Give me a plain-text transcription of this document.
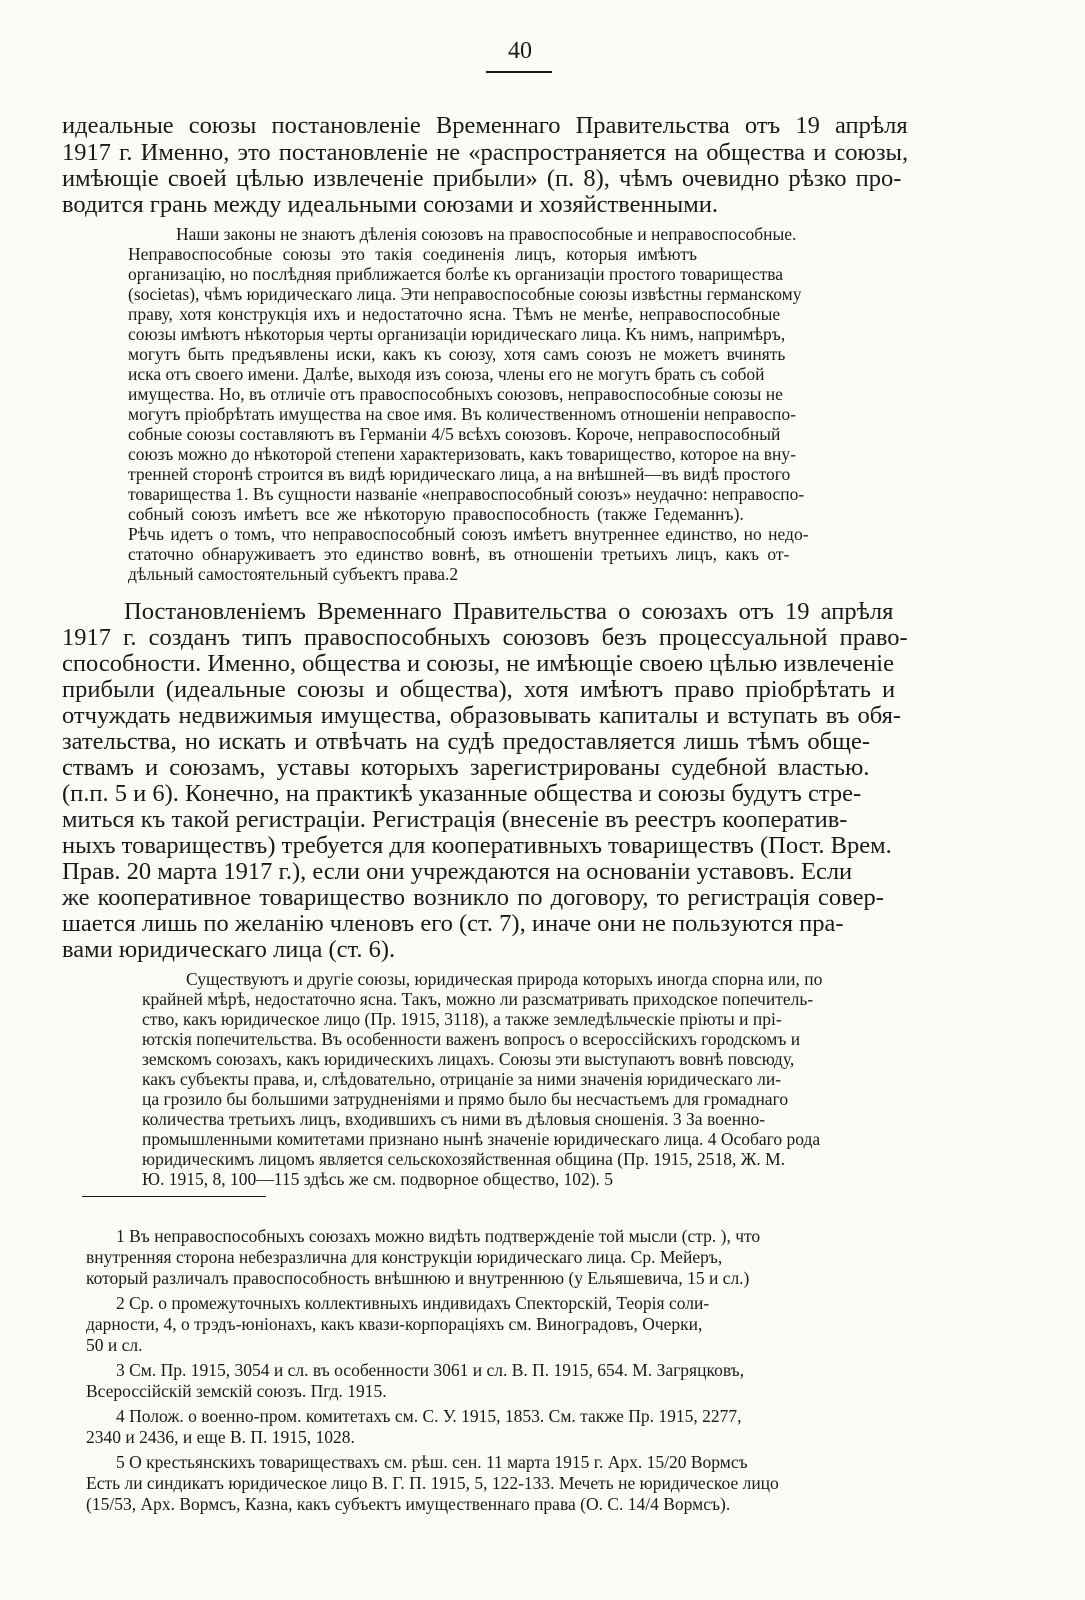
40
идеальные союзы постановленіе Временнаго Правительства отъ 19 апрѣля
1917 г. Именно, это постановленіе не «распространяется на общества и союзы,
имѣющіе своей цѣлью извлеченіе прибыли» (п. 8), чѣмъ очевидно рѣзко про-
водится грань между идеальными союзами и хозяйственными.
Наши законы не знаютъ дѣленія союзовъ на правоспособные и неправоспособные.
Неправоспособные союзы это такія соединенія лицъ, которыя имѣютъ
организацію, но послѣдняя приближается болѣе къ организаціи простого товарищества
(societas), чѣмъ юридическаго лица. Эти неправоспособные союзы извѣстны германскому
праву, хотя конструкція ихъ и недостаточно ясна. Тѣмъ не менѣе, неправоспособные
союзы имѣютъ нѣкоторыя черты организаціи юридическаго лица. Къ нимъ, напримѣръ,
могутъ быть предъявлены иски, какъ къ союзу, хотя самъ союзъ не можетъ вчинять
иска отъ своего имени. Далѣе, выходя изъ союза, члены его не могутъ брать съ собой
имущества. Но, въ отличіе отъ правоспособныхъ союзовъ, неправоспособные союзы не
могутъ пріобрѣтать имущества на свое имя. Въ количественномъ отношеніи неправоспо-
собные союзы составляютъ въ Германіи 4/5 всѣхъ союзовъ. Короче, неправоспособный
союзъ можно до нѣкоторой степени характеризовать, какъ товарищество, которое на вну-
тренней сторонѣ строится въ видѣ юридическаго лица, а на внѣшней—въ видѣ простого
товарищества 1. Въ сущности названіе «неправоспособный союзъ» неудачно: неправоспо-
собный союзъ имѣетъ все же нѣкоторую правоспособность (также Гедеманнъ).
Рѣчь идетъ о томъ, что неправоспособный союзъ имѣетъ внутреннее единство, но недо-
статочно обнаруживаетъ это единство вовнѣ, въ отношеніи третьихъ лицъ, какъ от-
дѣльный самостоятельный субъектъ права.2
Постановленіемъ Временнаго Правительства о союзахъ отъ 19 апрѣля
1917 г. созданъ типъ правоспособныхъ союзовъ безъ процессуальной право-
способности. Именно, общества и союзы, не имѣющіе своею цѣлью извлеченіе
прибыли (идеальные союзы и общества), хотя имѣютъ право пріобрѣтать и
отчуждать недвижимыя имущества, образовывать капиталы и вступать въ обя-
зательства, но искать и отвѣчать на судѣ предоставляется лишь тѣмъ обще-
ствамъ и союзамъ, уставы которыхъ зарегистрированы судебной властью.
(п.п. 5 и 6). Конечно, на практикѣ указанные общества и союзы будутъ стре-
миться къ такой регистраціи. Регистрація (внесеніе въ реестръ кооператив-
ныхъ товариществъ) требуется для кооперативныхъ товариществъ (Пост. Врем.
Прав. 20 марта 1917 г.), если они учреждаются на основаніи уставовъ. Если
же кооперативное товарищество возникло по договору, то регистрація совер-
шается лишь по желанію членовъ его (ст. 7), иначе они не пользуются пра-
вами юридическаго лица (ст. 6).
Существуютъ и другіе союзы, юридическая природа которыхъ иногда спорна или, по
крайней мѣрѣ, недостаточно ясна. Такъ, можно ли разсматривать приходское попечитель-
ство, какъ юридическое лицо (Пр. 1915, 3118), а также земледѣльческіе пріюты и прі-
ютскія попечительства. Въ особенности важенъ вопросъ о всероссійскихъ городскомъ и
земскомъ союзахъ, какъ юридическихъ лицахъ. Союзы эти выступаютъ вовнѣ повсюду,
какъ субъекты права, и, слѣдовательно, отрицаніе за ними значенія юридическаго ли-
ца грозило бы большими затрудненіями и прямо было бы несчастьемъ для громаднаго
количества третьихъ лицъ, входившихъ съ ними въ дѣловыя сношенія. 3 За военно-
промышленными комитетами признано нынѣ значеніе юридическаго лица. 4 Особаго рода
юридическимъ лицомъ является сельскохозяйственная община (Пр. 1915, 2518, Ж. М.
Ю. 1915, 8, 100—115 здѣсь же см. подворное общество, 102). 5
1 Въ неправоспособныхъ союзахъ можно видѣть подтвержденіе той мысли (стр. ), что
внутренняя сторона небезразлична для конструкціи юридическаго лица. Ср. Мейеръ,
который различалъ правоспособность внѣшнюю и внутреннюю (у Ельяшевича, 15 и сл.)
2 Ср. о промежуточныхъ коллективныхъ индивидахъ Спекторскій, Теорія соли-
дарности, 4, о трэдъ-юніонахъ, какъ квази-корпораціяхъ см. Виноградовъ, Очерки,
50 и сл.
3 См. Пр. 1915, 3054 и сл. въ особенности 3061 и сл. В. П. 1915, 654. М. Загряцковъ,
Всероссійскій земскій союзъ. Пгд. 1915.
4 Полож. о военно-пром. комитетахъ см. С. У. 1915, 1853. См. также Пр. 1915, 2277,
2340 и 2436, и еще В. П. 1915, 1028.
5 О крестьянскихъ товариществахъ см. рѣш. сен. 11 марта 1915 г. Арх. 15/20 Вормсъ
Есть ли синдикатъ юридическое лицо В. Г. П. 1915, 5, 122-133. Мечеть не юридическое лицо
(15/53, Арх. Вормсъ, Казна, какъ субъектъ имущественнаго права (О. С. 14/4 Вормсъ).
